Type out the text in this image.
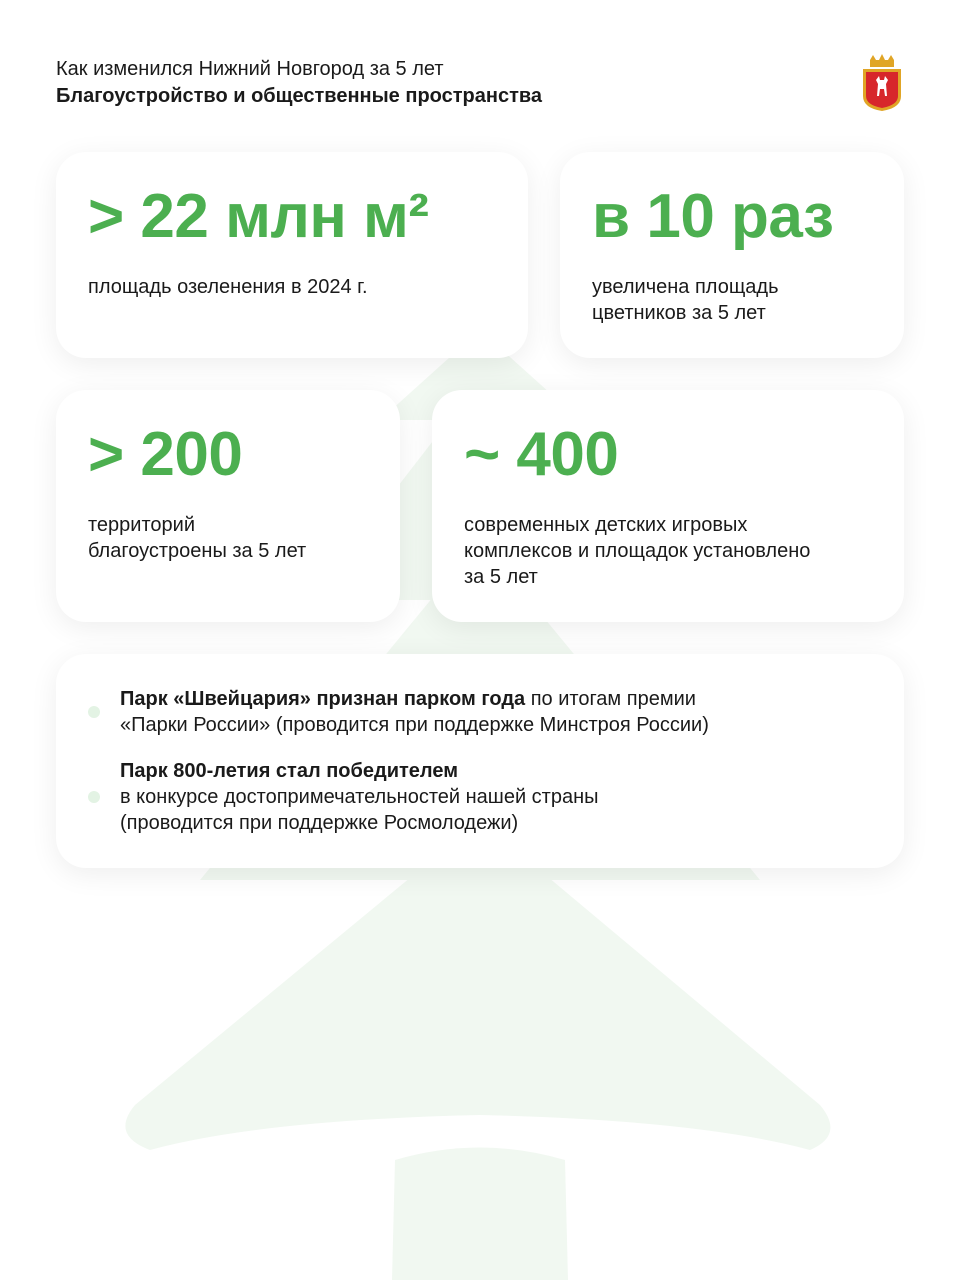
Как изменился Нижний Новгород за 5 лет
Благоустройство и общественные пространства
> 22 млн м²
площадь озеленения в 2024 г.
в 10 раз
увеличена площадь
цветников за 5 лет
> 200
территорий
благоустроены за 5 лет
~ 400
современных детских игровых
комплексов и площадок установлено
за 5 лет
Парк «Швейцария» признан парком года по итогам премии
«Парки России» (проводится при поддержке Минстроя России)
Парк 800-летия стал победителем
в конкурсе достопримечательностей нашей страны
(проводится при поддержке Росмолодежи)
